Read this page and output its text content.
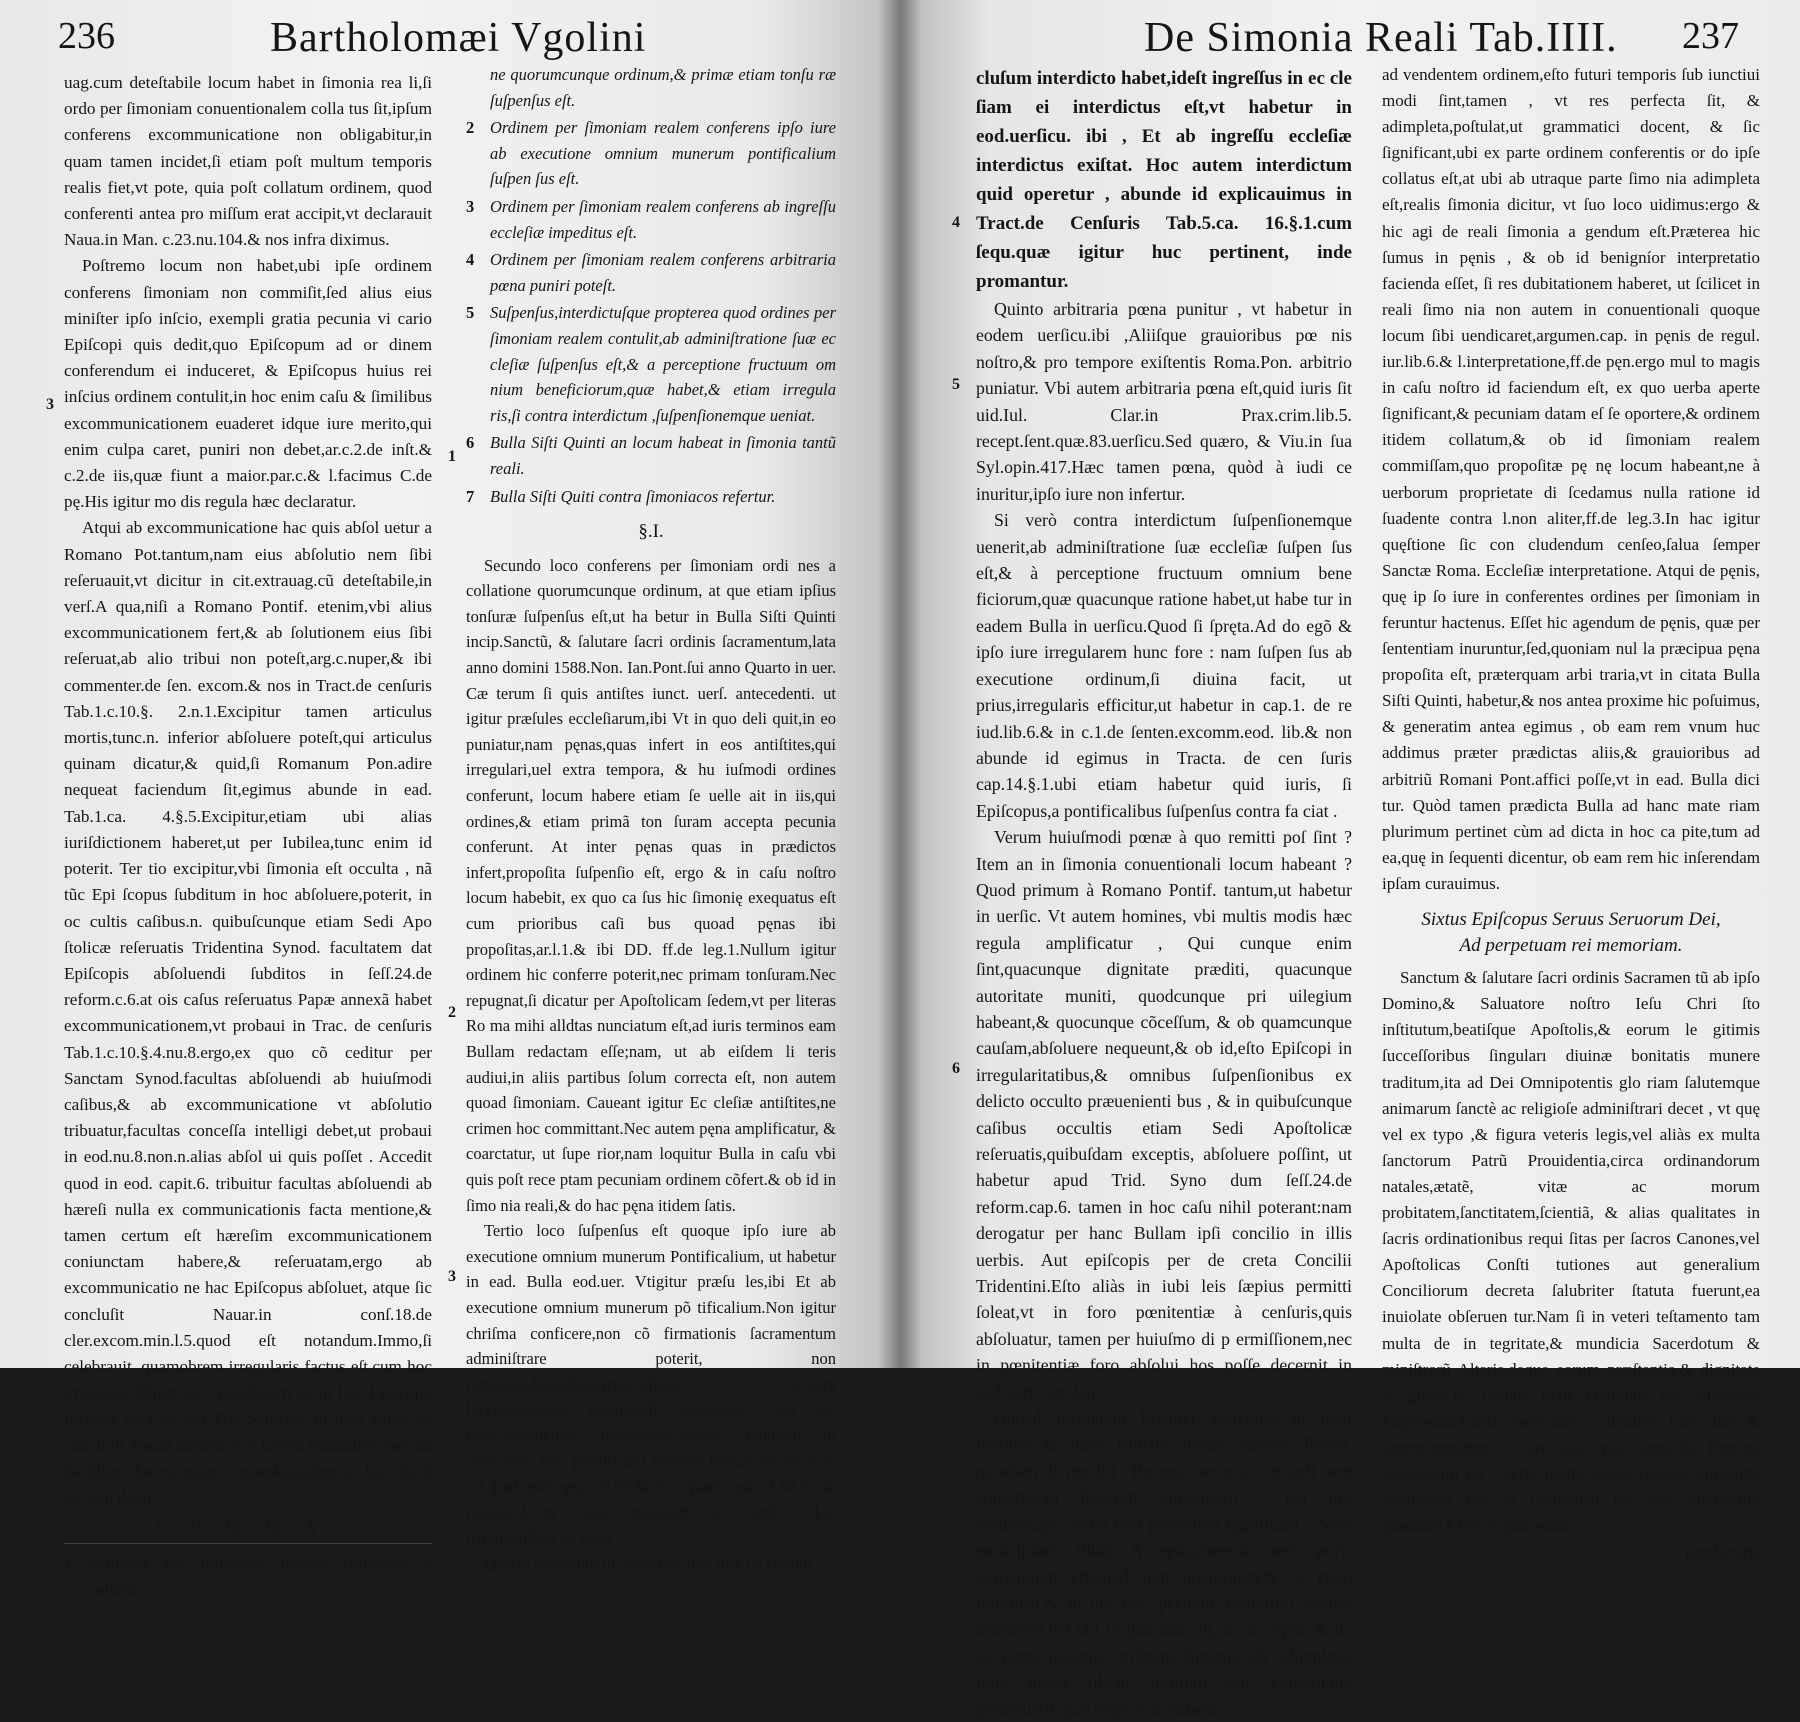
236	Bartholomæi Vgolini

uag.cum deteſtabile locum habet in ſimonia rea li,ſi ordo per ſimoniam conuentionalem colla tus ſit,ipſum conferens excommunicatione non obligabitur,in quam tamen incidet,ſi etiam poſt multum temporis realis fiet,vt pote, quia poſt collatum ordinem, quod conferenti antea pro miſſum erat accipit,vt declarauit Naua.in Man. c.23.nu.104.& nos infra diximus.

Poſtremo locum non habet,ubi ipſe ordinem conferens ſimoniam non commiſit,ſed alius eius miniſter ipſo inſcio, exempli gratia pecunia vi cario Epiſcopi quis dedit,quo Epiſcopum ad or dinem conferendum ei induceret, & Epiſcopus huius rei inſcius ordinem contulit,in hoc enim caſu & ſimilibus excommunicationem euaderet idque iure merito,qui enim culpa caret, puniri non debet,ar.c.2.de inſt.& c.2.de iis,quæ fiunt a maior.par.c.& l.facimus C.de pę.His igitur mo dis regula hæc declaratur.

Atqui ab excommunicatione hac quis abſol uetur a Romano Pot.tantum,nam eius abſolutio nem ſibi reſeruauit,vt dicitur in cit.extrauag.cũ deteſtabile,in verſ.A qua,niſi a Romano Pontif. etenim,vbi alius excommunicationem fert,& ab ſolutionem eius ſibi reſeruat,ab alio tribui non poteſt,arg.c.nuper,& ibi commenter.de ſen. excom.& nos in Tract.de cenſuris Tab.1.c.10.§. 2.n.1.Excipitur tamen articulus mortis,tunc.n. inferior abſoluere poteſt,qui articulus quinam dicatur,& quid,ſi Romanum Pon.adire nequeat faciendum ſit,egimus abunde in ead. Tab.1.ca. 4.§.5.Excipitur,etiam ubi alias iuriſdictionem haberet,ut per Iubilea,tunc enim id poterit. Ter tio excipitur,vbi ſimonia eſt occulta , nã tũc Epi ſcopus ſubditum in hoc abſoluere,poterit, in oc cultis caſibus.n. quibuſcunque etiam Sedi Apo ſtolicæ reſeruatis Tridentina Synod. facultatem dat Epiſcopis abſoluendi ſubditos in ſeſſ.24.de reform.c.6.at ois caſus reſeruatus Papæ annexã habet excommunicationem,vt probaui in Trac. de cenſuris Tab.1.c.10.§.4.nu.8.ergo,ex quo cõ ceditur per Sanctam Synod.facultas abſoluendi ab huiuſmodi caſibus,& ab excommunicatione vt abſolutio tribuatur,facultas conceſſa intelligi debet,ut probaui in eod.nu.8.non.n.alias abſol ui quis poſſet . Accedit quod in eod. capit.6. tribuitur facultas abſoluendi ab hæreſi nulla ex communicationis facta mentione,& tamen certum eſt hæreſim excommunicationem coniunctam habere,& reſeruatam,ergo ab excommunicatio ne hac Epiſcopus abſoluet, atque ſic concluſit Nauar.in conſ.18.de cler.excom.min.l.5.quod eſt notandum.Immo,ſi celebrauit, quamobrem irregularis factus eſt,cum hoc irregulari diſpen ſare poteſt,nam & in hoc Epiſcopo facultas data eſt per Trid.Syno.eo. in loco atque ſic concluſit Nauar.ibidem non tamen inhabilem factum ha bilem facere poterit quandoquidem in hoc facul tas non datur.

S V M M A.
1 Ordinem per ſimoniam realem conferens a collatio-
3
ne quorumcunque ordinum,& primæ etiam tonſu ræ ſuſpenſus eſt.
2 Ordinem per ſimoniam realem conferens ipſo iure ab executione omnium munerum pontificalium ſuſpen ſus eſt.
3 Ordinem per ſimoniam realem conferens ab ingreſſu eccleſiæ impeditus eſt.
4 Ordinem per ſimoniam realem conferens arbitraria pœna puniri poteſt.
5 Suſpenſus,interdictuſque propterea quod ordines per ſimoniam realem contulit,ab adminiſtratione ſuæ ec cleſiæ ſuſpenſus eſt,& a perceptione fructuum om nium beneficiorum,quæ habet,& etiam irregula ris,ſi contra interdictum ,ſuſpenſionemque ueniat.
6 Bulla Siſti Quinti an locum habeat in ſimonia tantũ reali.
7 Bulla Siſti Quiti contra ſimoniacos refertur.
§.I.

Secundo loco conferens per ſimoniam ordi nes a collatione quorumcunque ordinum, at que etiam ipſius tonſuræ ſuſpenſus eſt,ut ha betur in Bulla Siſti Quinti incip.Sanctũ, & ſalutare ſacri ordinis ſacramentum,lata anno domini 1588.Non. Ian.Pont.ſui anno Quarto in uer. Cæ terum ſi quis antiſtes iunct. uerſ. antecedenti. ut igitur præſules eccleſiarum,ibi Vt in quo deli quit,in eo puniatur,nam pęnas,quas infert in eos antiſtites,qui irregulari,uel extra tempora, & hu iuſmodi ordines conferunt, locum habere etiam ſe uelle ait in iis,qui ordines,& etiam primã ton ſuram accepta pecunia conferunt. At inter pęnas quas in prædictos infert,propoſita ſuſpenſio eſt, ergo & in caſu noſtro locum habebit, ex quo ca ſus hic ſimonię exequatus eſt cum prioribus caſi bus quoad pęnas ibi propoſitas,ar.l.1.& ibi DD. ff.de leg.1.Nullum igitur ordinem hic conferre poterit,nec primam tonſuram.Nec repugnat,ſi dicatur per Apoſtolicam ſedem,vt per literas Ro ma mihi alldtas nunciatum eſt,ad iuris terminos eam Bullam redactam eſſe;nam, ut ab eiſdem li teris audiui,in aliis partibus ſolum correcta eſt, non autem quoad ſimoniam. Caueant igitur Ec cleſiæ antiſtites,ne crimen hoc committant.Nec autem pęna amplificatur, & coarctatur, ut ſupe rior,nam loquitur Bulla in caſu vbi quis poſt rece ptam pecuniam ordinem cõfert.& ob id in ſimo nia reali,& do hac pęna itidem ſatis.

Tertio loco ſuſpenſus eſt quoque ipſo iure ab executione omnium munerum Pontificalium, ut habetur in ead. Bulla eod.uer. Vtigitur præſu les,ibi Et ab executione omnium munerum põ tificalium.Non igitur chriſma conficere,non cõ firmationis ſacramentum adminiſtrare poterit, non cęmiteria,Eccleſias,Aras,Calices , Corpora lia,campanas,& huiuſmodi conſecrare, non Ab bates,virgineſque benedicere,aliaque huiuſmo di obire,nam hæc pontificum munera ſunt,ut ha betur in c.1.§.ad epiſcopum d.25.& in c.quam quis d 68.& de conſecr.d.5.in c.per manus,& ut ſenſit Gl.in c.transmiſſam de elect.

Quarto ingreſſum in eccleſiam ipſo iure oc cluſum

1
2
3
De Simonia Reali Tab.IIII. 237

cluſum interdicto habet,ideſt ingreſſus in ec cle ſiam ei interdictus eſt,vt habetur in eod.uerſicu. ibi , Et ab ingreſſu eccleſiæ interdictus exiſtat. Hoc autem interdictum quid operetur , abunde id explicauimus in Tract.de Cenſuris Tab.5.ca. 16.§.1.cum ſequ.quæ igitur huc pertinent, inde promantur.

Quinto arbitraria pœna punitur , vt habetur in eodem uerſicu.ibi ,Aliiſque grauioribus pœ nis noſtro,& pro tempore exiſtentis Roma.Pon. arbitrio puniatur. Vbi autem arbitraria pœna eſt,quid iuris ſit uid.Iul. Clar.in Prax.crim.lib.5. recept.ſent.quæ.83.uerſicu.Sed quæro, & Viu.in ſua Syl.opin.417.Hæc tamen pœna, quòd à iudi ce inuritur,ipſo iure non infertur.

Si verò contra interdictum ſuſpenſionemque uenerit,ab adminiſtratione ſuæ eccleſiæ ſuſpen ſus eſt,& à perceptione fructuum omnium bene ficiorum,quæ quacunque ratione habet,ut habe tur in eadem Bulla in uerſicu.Quod ſi ſpręta.Ad do egõ & ipſo iure irregularem hunc fore : nam ſuſpen ſus ab executione ordinum,ſi diuina facit, ut prius,irregularis efficitur,ut habetur in cap.1. de re iud.lib.6.& in c.1.de ſenten.excomm.eod. lib.& non abunde id egimus in Tracta. de cen ſuris cap.14.§.1.ubi etiam habetur quid iuris, ſi Epiſcopus,a pontificalibus ſuſpenſus contra fa ciat .

Verum huiuſmodi pœnæ à quo remitti poſ ſint ? Item an in ſimonia conuentionali locum habeant ? Quod primum à Romano Pontif. tantum,ut habetur in uerſic. Vt autem homines, vbi multis modis hæc regula amplificatur , Qui cunque enim ſint,quacunque dignitate præditi, quacunque autoritate muniti, quodcunque pri uilegium habeant,& quocunque cõceſſum, & ob quamcunque cauſam,abſoluere nequeunt,& ob id,eſto Epiſcopi in irregularitatibus,& omnibus ſuſpenſionibus ex delicto occulto præuenienti bus , & in quibuſcunque caſibus occultis etiam Sedi Apoſtolicæ reſeruatis,quibuſdam exceptis, abſoluere poſſint, ut habetur apud Trid. Syno dum ſeſſ.24.de reform.cap.6. tamen in hoc caſu nihil poterant:nam derogatur per hanc Bullam ipſi concilio in illis uerbis. Aut epiſcopis per de creta Concilii Tridentini.Eſto aliàs in iubi leis ſæpius permitti ſoleat,vt in foro pœnitentiæ à cenſuris,quis abſoluatur, tamen per huiuſmo di p ermiſſionem,nec in pœnitentiæ foro abſolui hos poſſe decernit in eod.uerſ.cum ſeq.

Quoad ſecundum breuiter concludo in reali ſimonia & hanc Bullam locum habere. Primo, quoniam dicitur ibi , Recepta pecunia , ut ordi nem conferret,in futurum inſigninerit , uel pro mouerit,quę uerba rem perfectam ſignificant : Nam participium illud, Accepta,præteriti tem poris participium eſt,quod rem præteritam,& fa ctam ſignificat,& ſic,ubi non pecuniæ promiſſio tantum interuenit,ſed ubi re ipſa data eſt, & ac cepta, & ſic ex parte uolentis ordinem ſimonia eſt adimpleta. Item uerba illa.In futurum inſi gniuerit,uel promouerit,quæ reſpectum habent

4
5
6

ad vendentem ordinem,eſto futuri temporis ſub iunctiui modi ſint,tamen , vt res perfecta ſit, & adimpleta,poſtulat,ut grammatici docent, & ſic ſignificant,ubi ex parte ordinem conferentis or do ipſe collatus eſt,at ubi ab utraque parte ſimo nia adimpleta eſt,realis ſimonia dicitur, vt ſuo loco uidimus:ergo & hic agi de reali ſimonia a gendum eſt.Præterea hic ſumus in pęnis , & ob id benigníor interpretatio facienda eſſet, ſi res dubitationem haberet, ut ſcilicet in reali ſimo nia non autem in conuentionali quoque locum ſibi uendicaret,argumen.cap. in pęnis de regul. iur.lib.6.& l.interpretatione,ff.de pęn.ergo mul to magis in caſu noſtro id faciendum eſt, ex quo uerba aperte ſignificant,& pecuniam datam eſ ſe oportere,& ordinem itidem collatum,& ob id ſimoniam realem commiſſam,quo propoſitæ pę nę locum habeant,ne à uerborum proprietate di ſcedamus nulla ratione id ſuadente contra l.non aliter,ff.de leg.3.In hac igitur quęſtione ſic con cludendum cenſeo,ſalua ſemper Sanctæ Roma. Eccleſiæ interpretatione. Atqui de pęnis, quę ip ſo iure in conferentes ordines per ſimoniam in feruntur hactenus. Eſſet hic agendum de pęnis, quæ per ſententiam inuruntur,ſed,quoniam nul la præcipua pęna propoſita eſt, præterquam arbi traria,vt in citata Bulla Siſti Quinti, habetur,& nos antea proxime hic poſuimus, & generatim antea egimus , ob eam rem vnum huc addimus præter prædictas aliis,& grauioribus ad arbitriũ Romani Pont.affici poſſe,vt in ead. Bulla dici tur. Quòd tamen prædicta Bulla ad hanc mate riam plurimum pertinet cùm ad dicta in hoc ca pite,tum ad ea,quę in ſequenti dicentur, ob eam rem hic inſerendam ipſam curauimus.

Sixtus Epiſcopus Seruus Seruorum Dei,
Ad perpetuam rei memoriam.

Sanctum & ſalutare ſacri ordinis Sacramen tũ ab ipſo Domino,& Saluatore noſtro Ieſu Chri ſto inſtitutum,beatiſque Apoſtolis,& eorum le gitimis ſucceſſoribus ſinguları diuinæ bonitatis munere traditum,ita ad Dei Omnipotentis glo riam ſalutemque animarum ſanctè ac religioſe adminiſtrari decet , vt quę vel ex typo ,& figura veteris legis,vel aliàs ex multa ſanctorum Patrũ Prouidentia,circa ordinandorum natales,ætatẽ, vitæ ac morum probitatem,ſanctitatem,ſcientiã, & alias qualitates in ſacris ordinationibus requi ſitas per ſacros Canones,vel Apoſtolicas Conſti tutiones aut generalium Conciliorum decreta ſalubriter ſtatuta fuerunt,ea inuiolate obſeruen tur.Nam ſi in veteri teſtamento tam multa de in tegritate,& mundicia Sacerdotum & miniſtrorũ Altaris,deque eorum præſtantia,& dignitate le gimus,de quibus dixit Dominus per Malachiã Prophetam,Labia Sacerdotis cuſtodient ſcien tiam,& legem requirent ex ore eius, quia Ange lus Domini exercituum eſt : certe multo maior ratio,& diligentia adhibenda erit in promouen dis tam inferiorum graduum Clericis,quæ etiam

presbyteris
